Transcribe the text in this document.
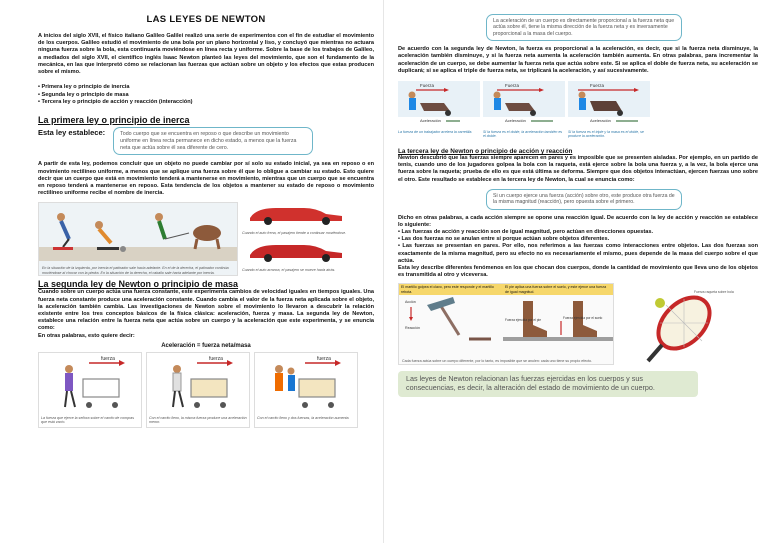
LAS LEYES DE NEWTON

A inicios del siglo XVII, el físico italiano Galileo Galilei realizó una serie de experimentos con el fin de estudiar el movimiento de los cuerpos. Galileo estudió el movimiento de una bola por un plano horizontal y liso, y concluyó que mientras no actuara ninguna fuerza sobre la bola, esta continuaría moviéndose en línea recta y uniforme. Sobre la base de los trabajos de Galileo, a mediados del siglo XVII, el científico inglés Isaac Newton planteó las leyes del movimiento, que son el fundamento de la mecánica, en las que interpretó cómo se relacionan las fuerzas que actúan sobre un objeto y los efectos que estas producen sobre el mismo.

• Primera ley o principio de inercia
• Segunda ley o principio de masa
• Tercera ley o principio de acción y reacción (interacción)
La primera ley o principio de inerca
Esta ley establece:	Todo cuerpo que se encuentra en reposo o que describe un movimiento uniforme en línea recta permanece en dicho estado, a menos que la fuerza neta que actúa sobre él sea diferente de cero.

A partir de esta ley, podemos concluir que un objeto no puede cambiar por sí solo su estado inicial, ya sea en reposo o en movimiento rectilíneo uniforme, a menos que se aplique una fuerza sobre él que lo obligue a cambiar su estado. Esto quiere decir que un cuerpo que está en movimiento tenderá a mantenerse en movimiento, mientras que un cuerpo que se encuentra en reposo tenderá a mantenerse en reposo. Esta tendencia de los objetos a mantener su estado de reposo o movimiento rectilíneo uniforme recibe el nombre de inercia.

En la situación de la izquierda, por inercia el patinador sale hacia adelante. En el de la derecha, el patinador continúa moviéndose al chocar con la piedra. En la situación de la derecha, el caballo sale hacia adelante por inercia.
Cuando el auto frena, el pasajero tiende a continuar moviéndose.
Cuando el auto arranca, el pasajero se mueve hacia atrás.
La segunda ley de Newton o principio de masa

Cuando sobre un cuerpo actúa una fuerza constante, este experimenta cambios de velocidad iguales en tiempos iguales. Una fuerza neta constante produce una aceleración constante. Cuando cambia el valor de la fuerza neta aplicada sobre el objeto, la aceleración también cambia. Las investigaciones de Newton sobre el movimiento lo llevaron a descubrir la relación existente entre los tres conceptos básicos de la física clásica: aceleración, fuerza y masa. La segunda ley de Newton, establece una relación entre la fuerza neta que actúa sobre un cuerpo y la aceleración que este experimenta, y se enuncia como:

En otras palabras, esto quiere decir:

Aceleración = fuerza neta/masa
fuerza
La fuerza que ejerce la señora sobre el carrito de compras que está vacío.
fuerza
Con el carrito lleno, la misma fuerza produce una aceleración menor.
fuerza
Con el carrito lleno y dos fuerzas, la aceleración aumenta.
La aceleración de un cuerpo es directamente proporcional a la fuerza neta que actúa sobre él, tiene la misma dirección de la fuerza neta y es inversamente proporcional a la masa del cuerpo.

De acuerdo con la segunda ley de Newton, la fuerza es proporcional a la aceleración, es decir, que si la fuerza neta disminuye, la aceleración también disminuye, y si la fuerza neta aumenta la aceleración también aumenta. En otras palabras, para incrementar la aceleración de un cuerpo, se debe aumentar la fuerza neta que actúa sobre este. Si se aplica el doble de fuerza neta, su aceleración se duplicará; si se aplica el triple de fuerza neta, se triplicará la aceleración, y así sucesivamente.

Fuerza
Aceleración
La fuerza de un trabajador acelera la carretilla.
Fuerza
Aceleración
Si la fuerza es el doble, la aceleración también es el doble.
Fuerza
Aceleración
Si la fuerza es el triple y la masa es el doble, se produce la aceleración.
La tercera ley de Newton o principio de acción y reacción

Newton descubrió que las fuerzas siempre aparecen en pares y es imposible que se presenten aisladas. Por ejemplo, en un partido de tenis, cuando uno de los jugadores golpea la bola con la raqueta, está ejerce sobre la bola una fuerza y, a la vez, la bola ejerce una fuerza sobre la raqueta; prueba de ello es que está última se deforma. Siempre que dos objetos interactúan, ejercen fuerzas uno sobre el otro. Este resultado se establece en la tercera ley de Newton, la cual se enuncia como:

Si un cuerpo ejerce una fuerza (acción) sobre otro, este produce otra fuerza de la misma magnitud (reacción), pero opuesta sobre el primero.

Dicho en otras palabras, a cada acción siempre se opone una reacción igual. De acuerdo con la ley de acción y reacción se establece lo siguiente:

• Las fuerzas de acción y reacción son de igual magnitud, pero actúan en direcciones opuestas.
• Las dos fuerzas no se anulan entre sí porque actúan sobre objetos diferentes.
• Las fuerzas se presentan en pares. Por ello, nos referimos a las fuerzas como interacciones entre objetos. Las dos fuerzas son exactamente de la misma magnitud, pero su efecto no es necesariamente el mismo, pues depende de la masa del cuerpo sobre el que actúa.

Esta ley describe diferentes fenómenos en los que chocan dos cuerpos, donde la cantidad de movimiento que lleva uno de los objetos es transmitida al otro y viceversa.

El martillo golpea el clavo, pero este responde y el martillo rebota.
Acción
Reacción
El pie aplica una fuerza sobre el suelo, y este ejerce una fuerza de igual magnitud.
Fuerza ejercida por el pie	Fuerza ejercida por el suelo
Cada fuerza actúa sobre un cuerpo diferente, por lo tanto, es imposible que se anulen: cada uno tiene su propio efecto.
Fuerza raqueta sobre bola
Las leyes de Newton relacionan las fuerzas ejercidas en los cuerpos y sus consecuencias, es decir, la alteración del estado de movimiento de un cuerpo.
